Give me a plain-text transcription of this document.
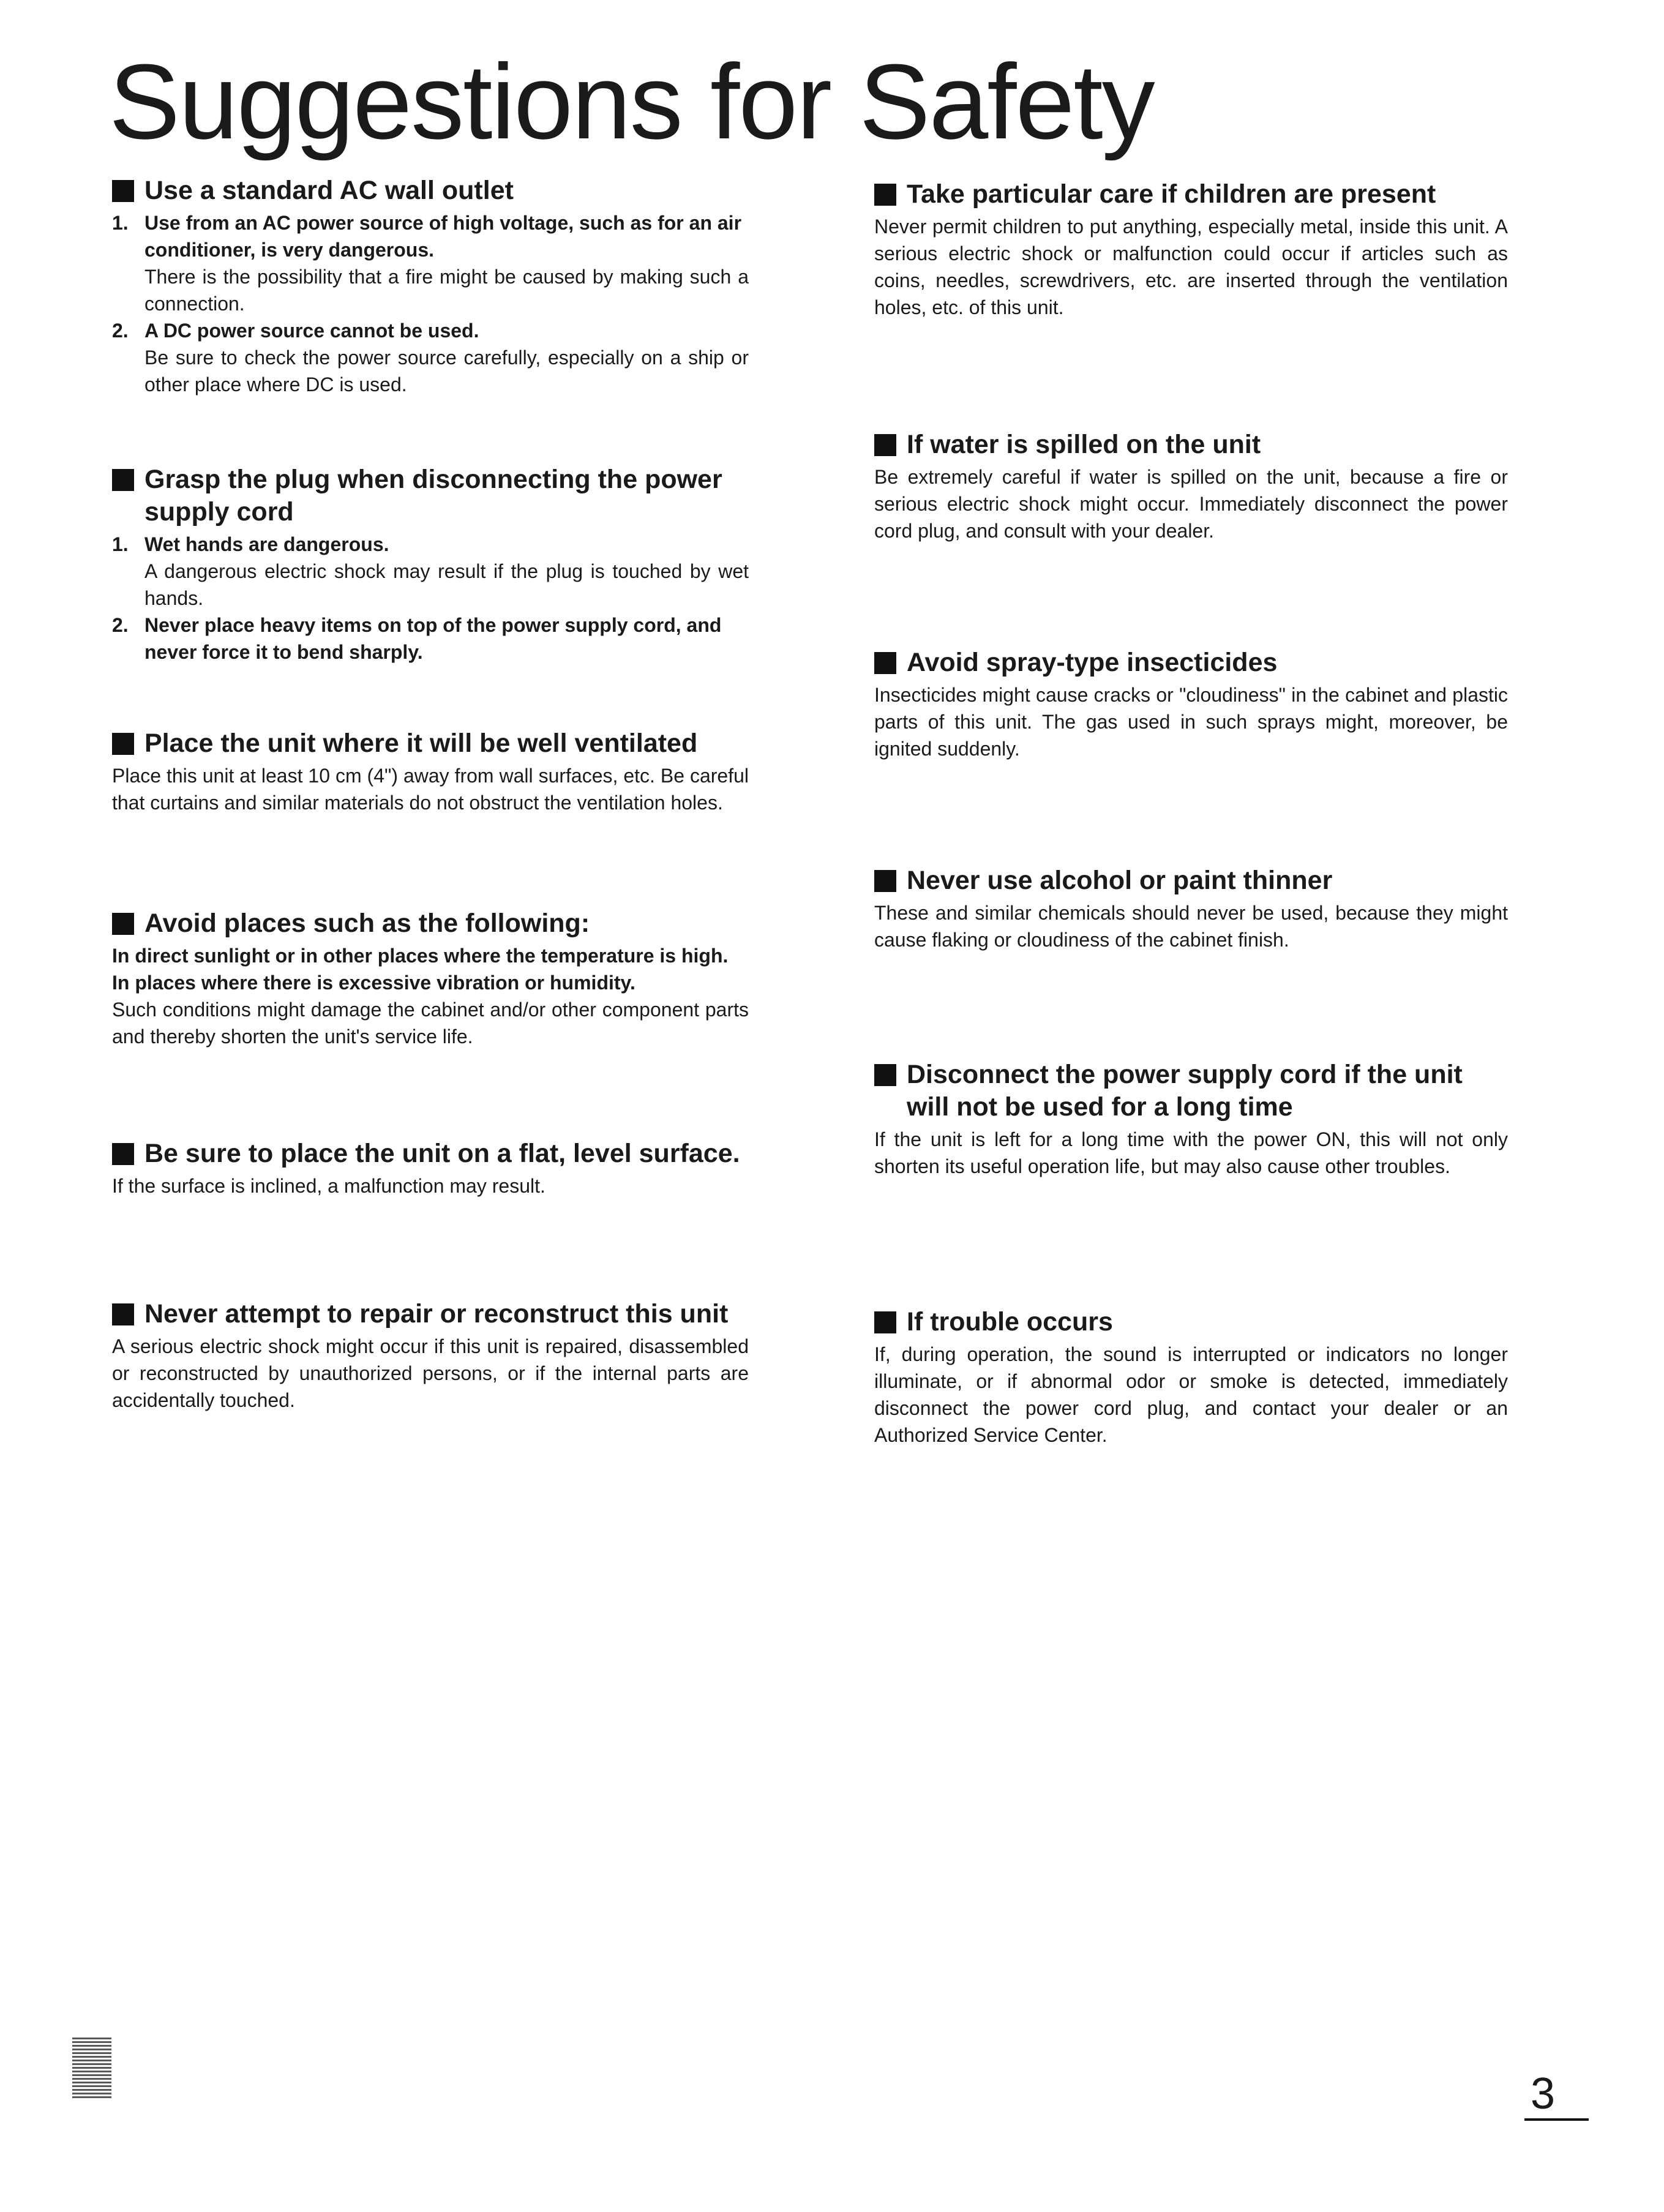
Suggestions for Safety
Use a standard AC wall outlet
1. Use from an AC power source of high voltage, such as for an air conditioner, is very dangerous.

There is the possibility that a fire might be caused by making such a connection.

2. A DC power source cannot be used.

Be sure to check the power source carefully, especially on a ship or other place where DC is used.

Grasp the plug when disconnecting the power supply cord
1. Wet hands are dangerous.

A dangerous electric shock may result if the plug is touched by wet hands.

2. Never place heavy items on top of the power supply cord, and never force it to bend sharply.

Place the unit where it will be well ventilated

Place this unit at least 10 cm (4") away from wall surfaces, etc. Be careful that curtains and similar materials do not obstruct the ventilation holes.

Avoid places such as the following:

In direct sunlight or in other places where the temperature is high.

In places where there is excessive vibration or humidity.

Such conditions might damage the cabinet and/or other component parts and thereby shorten the unit's service life.

Be sure to place the unit on a flat, level surface.

If the surface is inclined, a malfunction may result.

Never attempt to repair or reconstruct this unit

A serious electric shock might occur if this unit is repaired, disassembled or reconstructed by unauthorized persons, or if the internal parts are accidentally touched.

Take particular care if children are present

Never permit children to put anything, especially metal, inside this unit. A serious electric shock or malfunction could occur if articles such as coins, needles, screwdrivers, etc. are inserted through the ventilation holes, etc. of this unit.

If water is spilled on the unit

Be extremely careful if water is spilled on the unit, because a fire or serious electric shock might occur. Immediately disconnect the power cord plug, and consult with your dealer.

Avoid spray-type insecticides

Insecticides might cause cracks or "cloudiness" in the cabinet and plastic parts of this unit. The gas used in such sprays might, moreover, be ignited suddenly.

Never use alcohol or paint thinner

These and similar chemicals should never be used, because they might cause flaking or cloudiness of the cabinet finish.

Disconnect the power supply cord if the unit will not be used for a long time

If the unit is left for a long time with the power ON, this will not only shorten its useful operation life, but may also cause other troubles.

If trouble occurs

If, during operation, the sound is interrupted or indicators no longer illuminate, or if abnormal odor or smoke is detected, immediately disconnect the power cord plug, and contact your dealer or an Authorized Service Center.

3
